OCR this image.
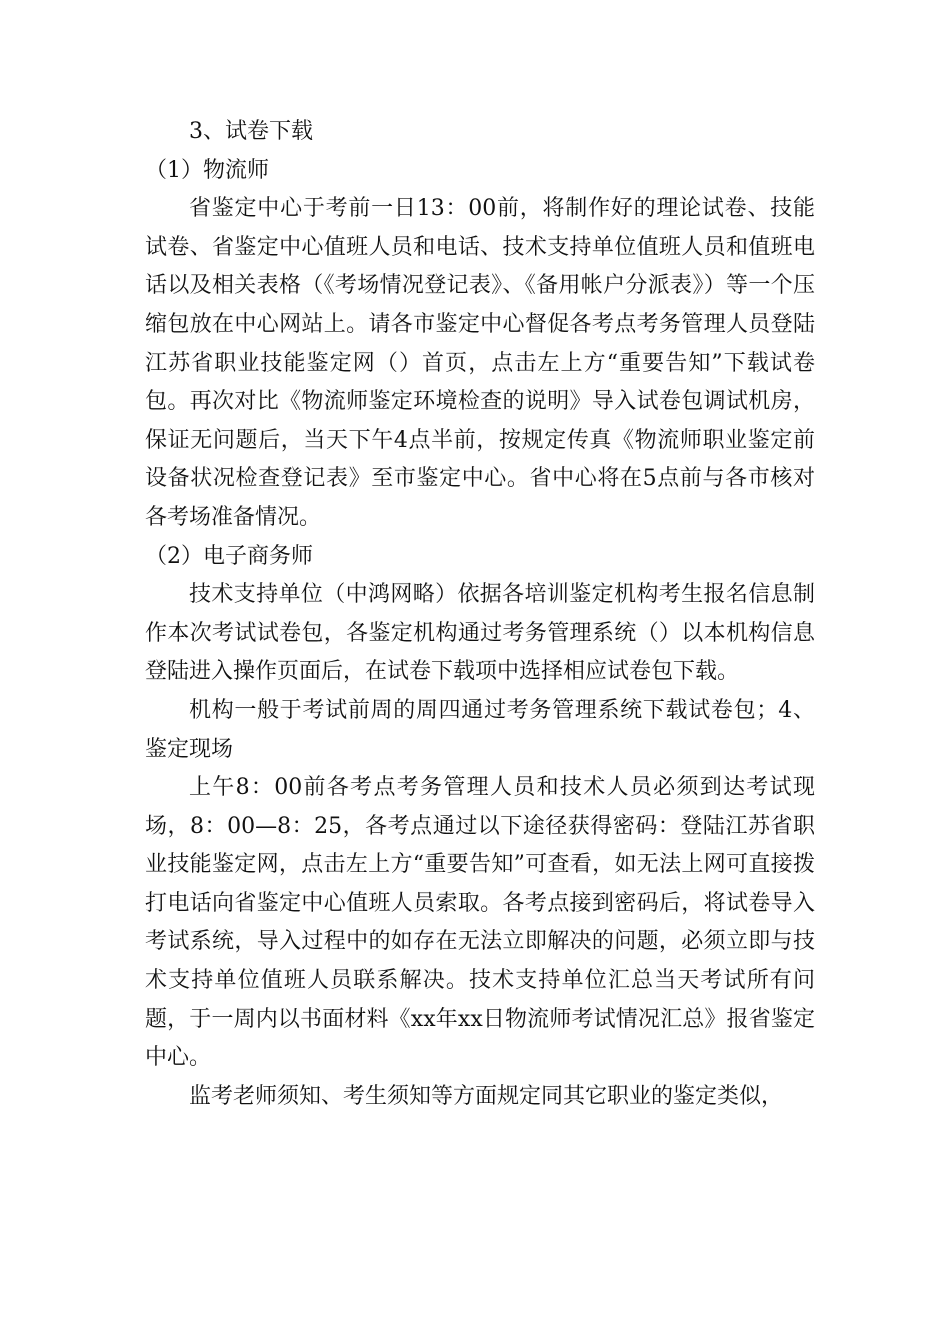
3、试卷下载

（1）物流师

省鉴定中心于考前一日13：00前，将制作好的理论试卷、技能试卷、省鉴定中心值班人员和电话、技术支持单位值班人员和值班电话以及相关表格（《考场情况登记表》、《备用帐户分派表》）等一个压缩包放在中心网站上。请各市鉴定中心督促各考点考务管理人员登陆江苏省职业技能鉴定网（）首页，点击左上方“重要告知”下载试卷包。再次对比《物流师鉴定环境检查的说明》导入试卷包调试机房，保证无问题后，当天下午4点半前，按规定传真《物流师职业鉴定前设备状况检查登记表》至市鉴定中心。省中心将在5点前与各市核对各考场准备情况。

（2）电子商务师

技术支持单位（中鸿网略）依据各培训鉴定机构考生报名信息制作本次考试试卷包，各鉴定机构通过考务管理系统（）以本机构信息登陆进入操作页面后，在试卷下载项中选择相应试卷包下载。

机构一般于考试前周的周四通过考务管理系统下载试卷包；4、鉴定现场

上午8：00前各考点考务管理人员和技术人员必须到达考试现场，8：00—8：25，各考点通过以下途径获得密码：登陆江苏省职业技能鉴定网，点击左上方“重要告知”可查看，如无法上网可直接拨打电话向省鉴定中心值班人员索取。各考点接到密码后，将试卷导入考试系统，导入过程中的如存在无法立即解决的问题，必须立即与技术支持单位值班人员联系解决。技术支持单位汇总当天考试所有问题，于一周内以书面材料《xx年xx日物流师考试情况汇总》报省鉴定中心。

监考老师须知、考生须知等方面规定同其它职业的鉴定类似，
